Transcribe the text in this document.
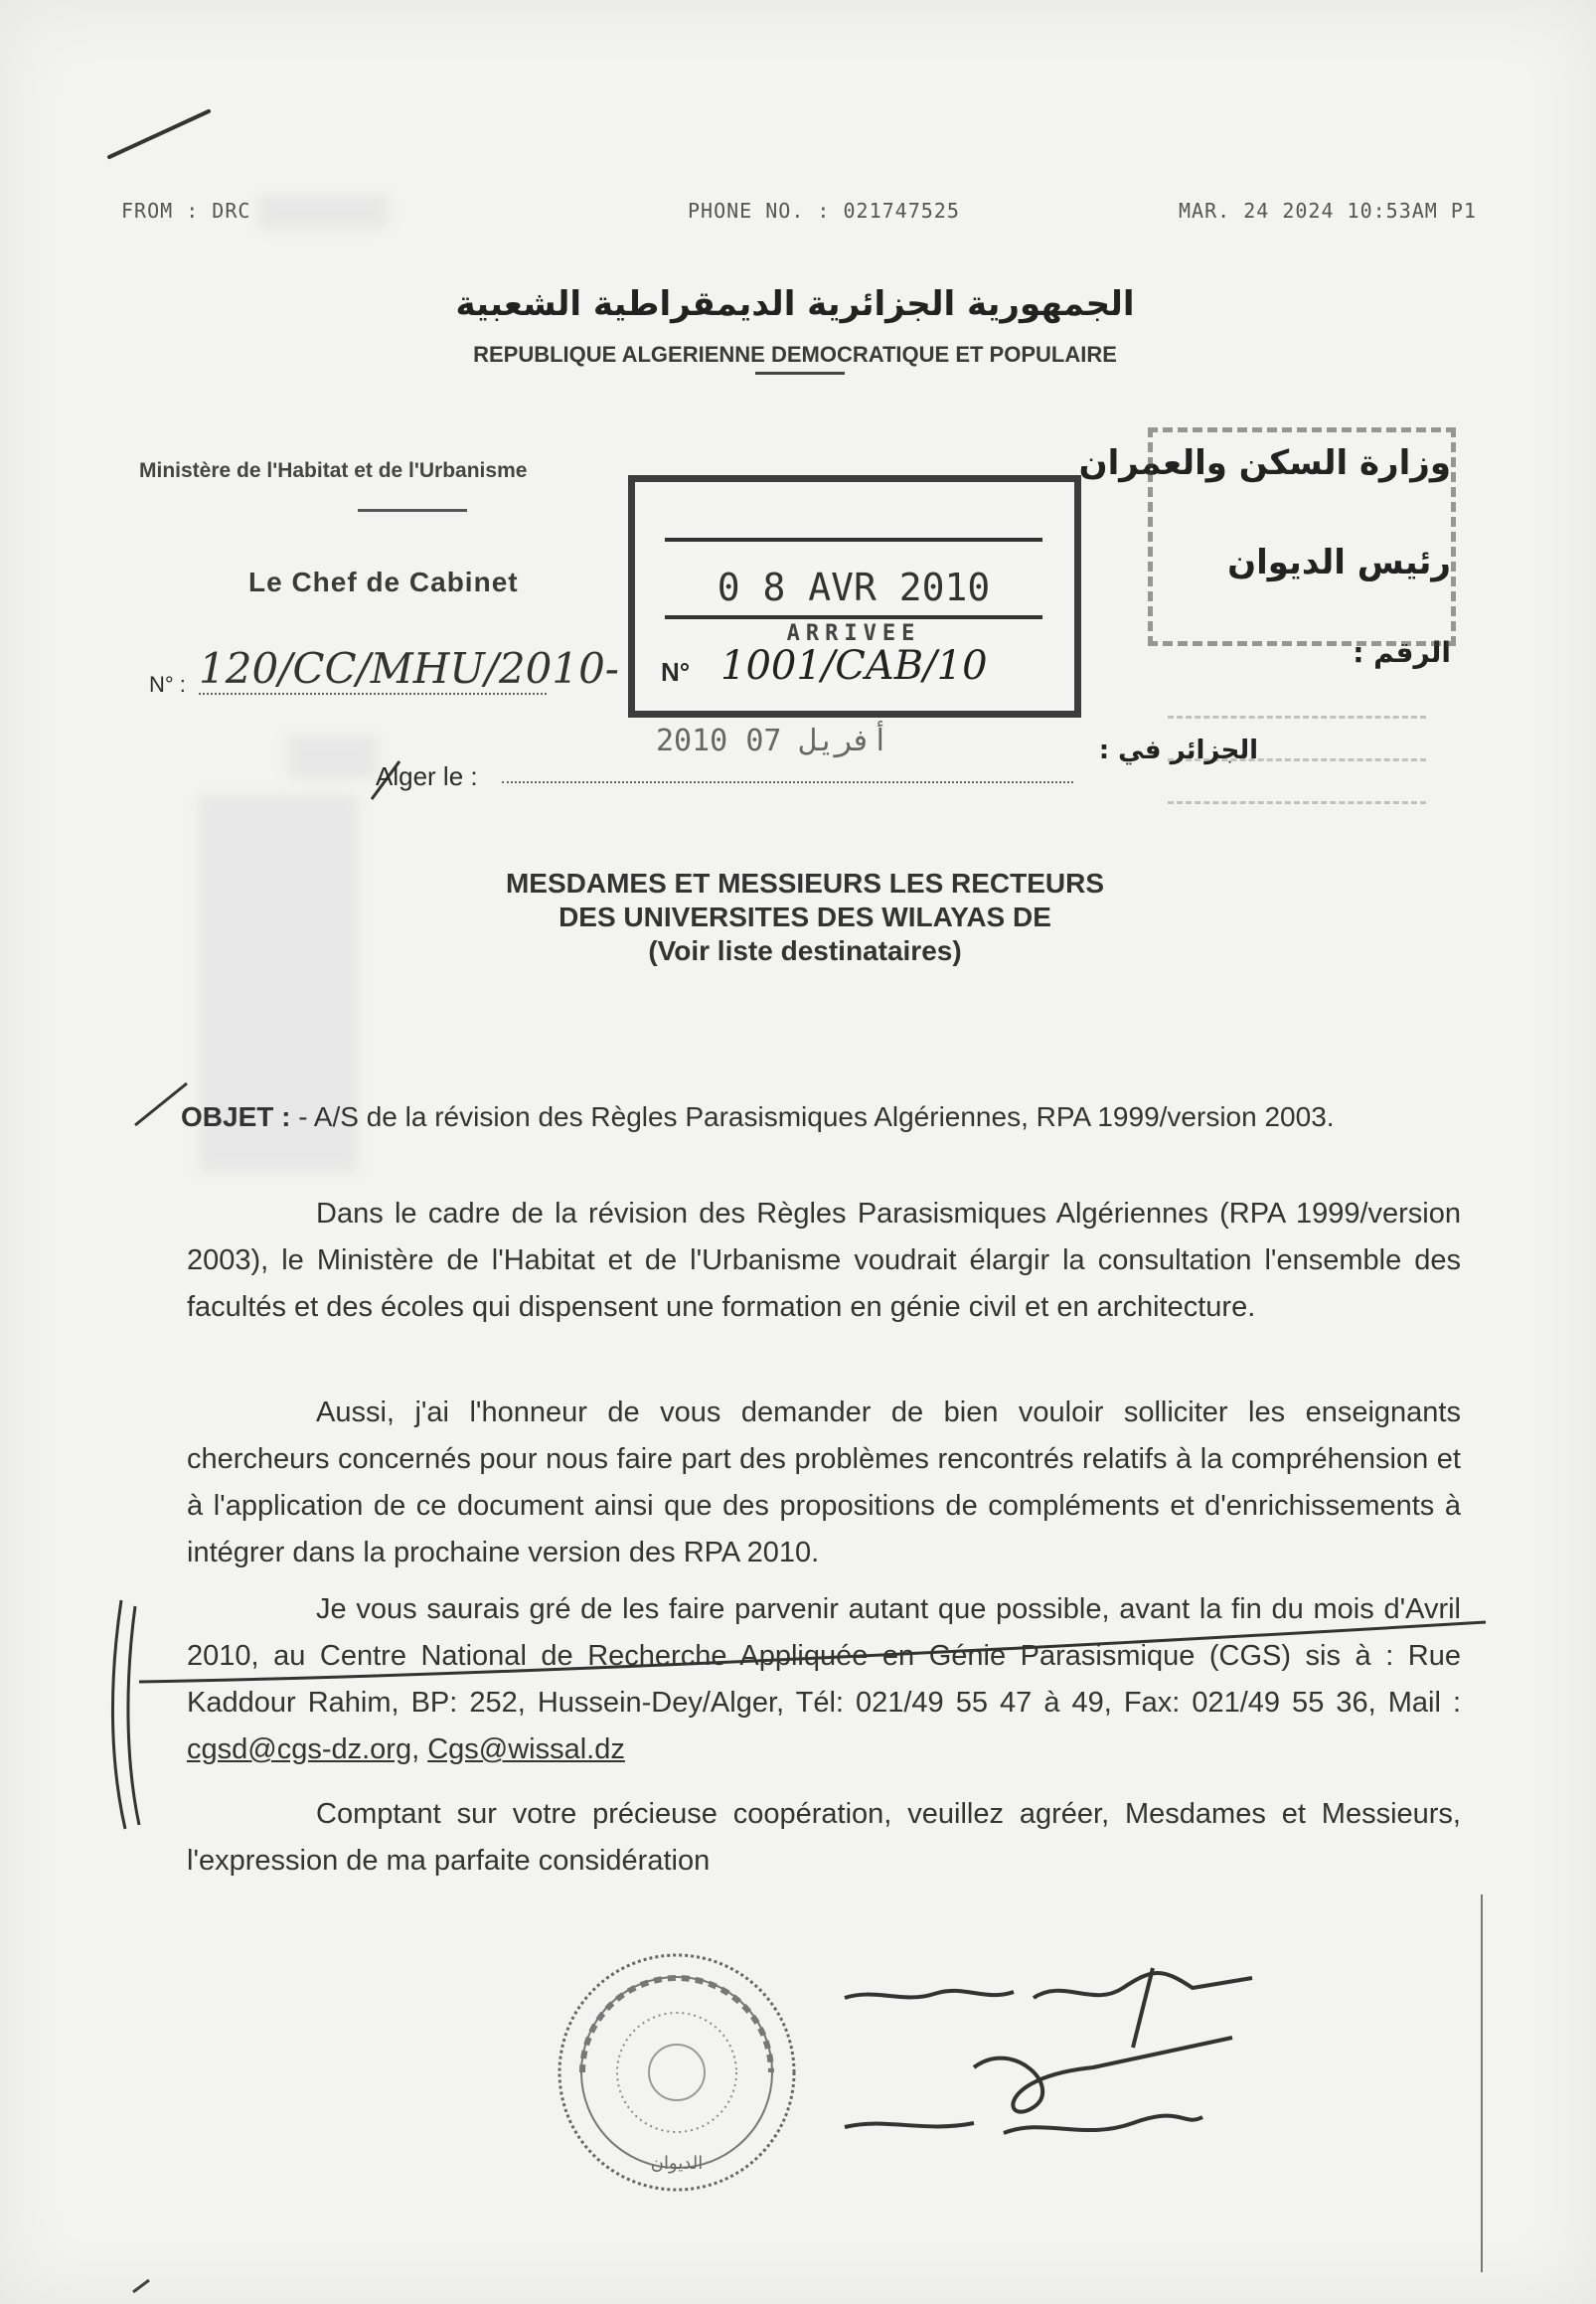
FROM : DRC	PHONE NO. : 021747525	MAR. 24 2024 10:53AM P1
الجمهورية الجزائرية الديمقراطية الشعبية
REPUBLIQUE ALGERIENNE DEMOCRATIQUE ET POPULAIRE
Ministère de l'Habitat et de l'Urbanisme	وزارة السكن والعمران
Le Chef de Cabinet	رئيس الديوان
N° : 120/CC/MHU/2010-	الرقم :
0 8 AVR 2010
ARRIVEE
N° 1001/CAB/10
Alger le :
2010 أفريل 07	الجزائر في :
MESDAMES ET MESSIEURS LES RECTEURS
DES UNIVERSITES DES WILAYAS DE
(Voir liste destinataires)
OBJET : - A/S de la révision des Règles Parasismiques Algériennes, RPA 1999/version 2003.
Dans le cadre de la révision des Règles Parasismiques Algériennes (RPA 1999/version 2003), le Ministère de l'Habitat et de l'Urbanisme voudrait élargir la consultation l'ensemble des facultés et des écoles qui dispensent une formation en génie civil et en architecture.
Aussi, j'ai l'honneur de vous demander de bien vouloir solliciter les enseignants chercheurs concernés pour nous faire part des problèmes rencontrés relatifs à la compréhension et à l'application de ce document ainsi que des propositions de compléments et d'enrichissements à intégrer dans la prochaine version des RPA 2010.
Je vous saurais gré de les faire parvenir autant que possible, avant la fin du mois d'Avril 2010, au Centre National de Recherche Appliquée en Génie Parasismique (CGS) sis à : Rue Kaddour Rahim, BP: 252, Hussein-Dey/Alger, Tél: 021/49 55 47 à 49, Fax: 021/49 55 36, Mail : cgsd@cgs-dz.org, Cgs@wissal.dz
Comptant sur votre précieuse coopération, veuillez agréer, Mesdames et Messieurs, l'expression de ma parfaite considération
الديوان
